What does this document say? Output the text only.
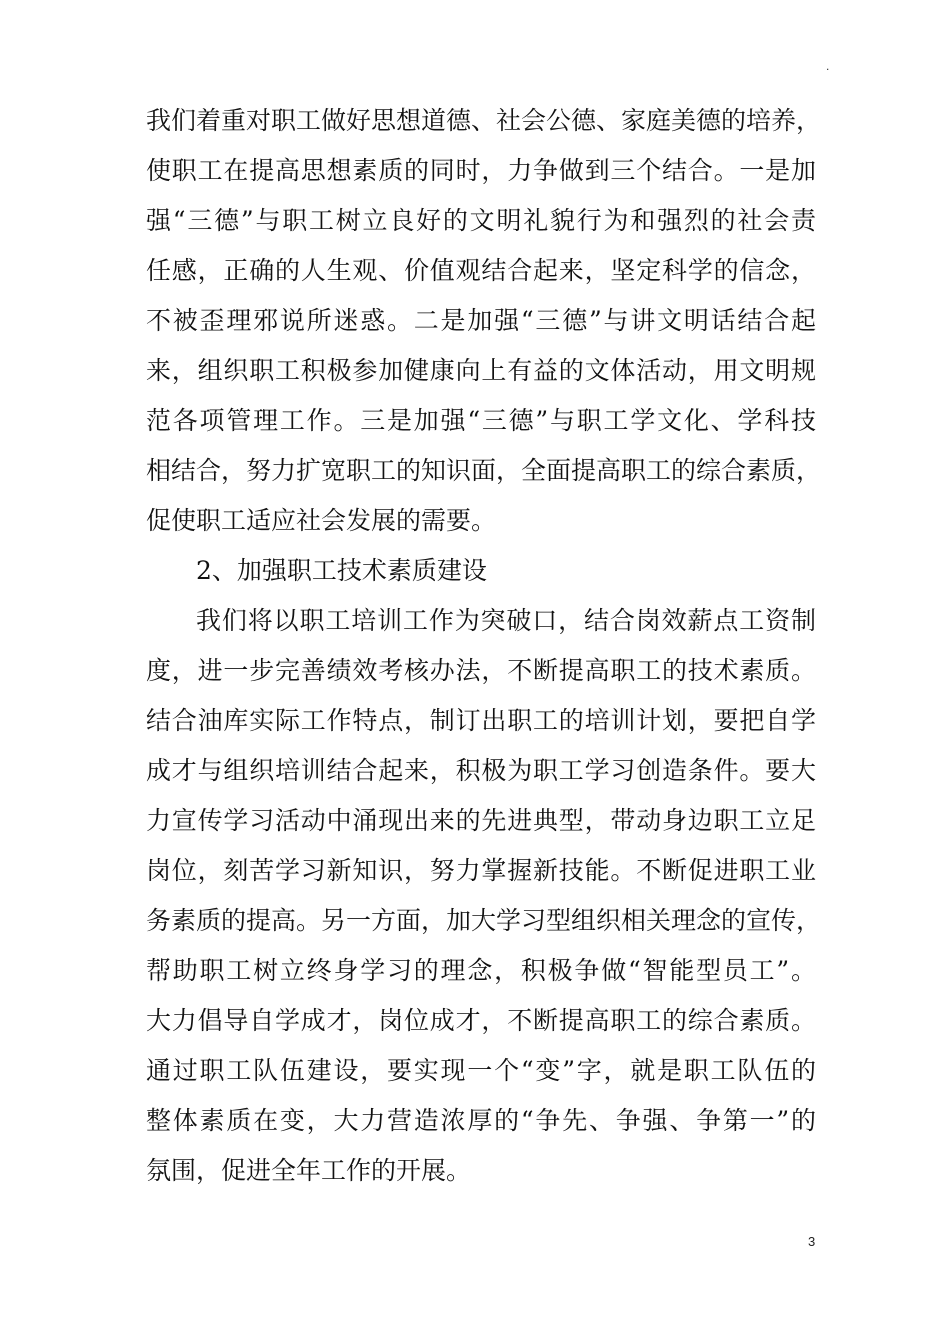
.
我们着重对职工做好思想道德、社会公德、家庭美德的培养，
使职工在提高思想素质的同时，力争做到三个结合。一是加
强“三德”与职工树立良好的文明礼貌行为和强烈的社会责
任感，正确的人生观、价值观结合起来，坚定科学的信念，
不被歪理邪说所迷惑。二是加强“三德”与讲文明话结合起
来，组织职工积极参加健康向上有益的文体活动，用文明规
范各项管理工作。三是加强“三德”与职工学文化、学科技
相结合，努力扩宽职工的知识面，全面提高职工的综合素质，
促使职工适应社会发展的需要。
2、加强职工技术素质建设
我们将以职工培训工作为突破口，结合岗效薪点工资制
度，进一步完善绩效考核办法，不断提高职工的技术素质。
结合油库实际工作特点，制订出职工的培训计划，要把自学
成才与组织培训结合起来，积极为职工学习创造条件。要大
力宣传学习活动中涌现出来的先进典型，带动身边职工立足
岗位，刻苦学习新知识，努力掌握新技能。不断促进职工业
务素质的提高。另一方面，加大学习型组织相关理念的宣传，
帮助职工树立终身学习的理念，积极争做“智能型员工”。
大力倡导自学成才，岗位成才，不断提高职工的综合素质。
通过职工队伍建设，要实现一个“变”字，就是职工队伍的
整体素质在变，大力营造浓厚的“争先、争强、争第一”的
氛围，促进全年工作的开展。
3
